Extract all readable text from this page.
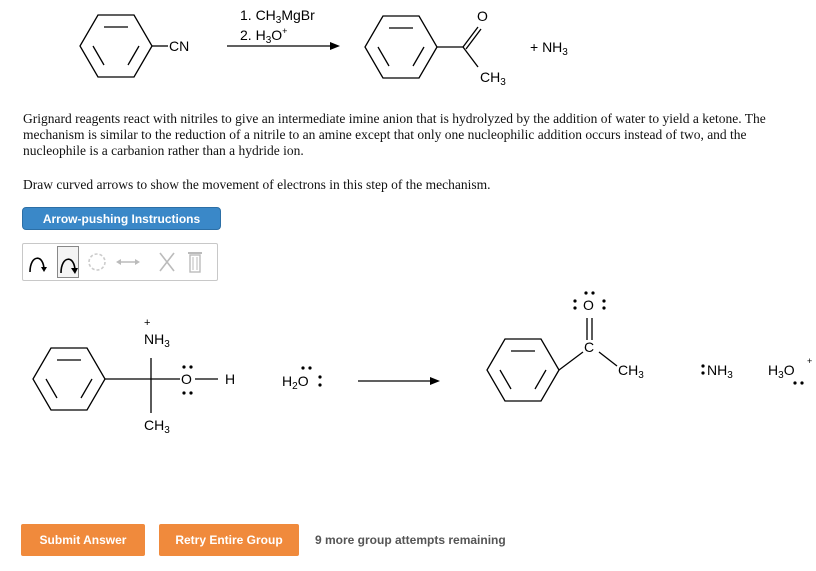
1. $CH_3MgBr$
2. $H_3O^+$
CN
O
$CH_3$
+ $NH_3$
Grignard reagents react with nitriles to give an intermediate imine anion that is hydrolyzed by the addition of water to yield a ketone. The mechanism is similar to the reduction of a nitrile to an amine except that only one nucleophilic addition occurs instead of two, and the nucleophile is a carbanion rather than a hydride ion.
Draw curved arrows to show the movement of electrons in this step of the mechanism.
Arrow-pushing Instructions
+
$NH_3$
O H
$CH_3$
$H_2O$
O
C
$CH_3$	$NH_3$	$H_3O$
+
Submit Answer	Retry Entire Group	9 more group attempts remaining
